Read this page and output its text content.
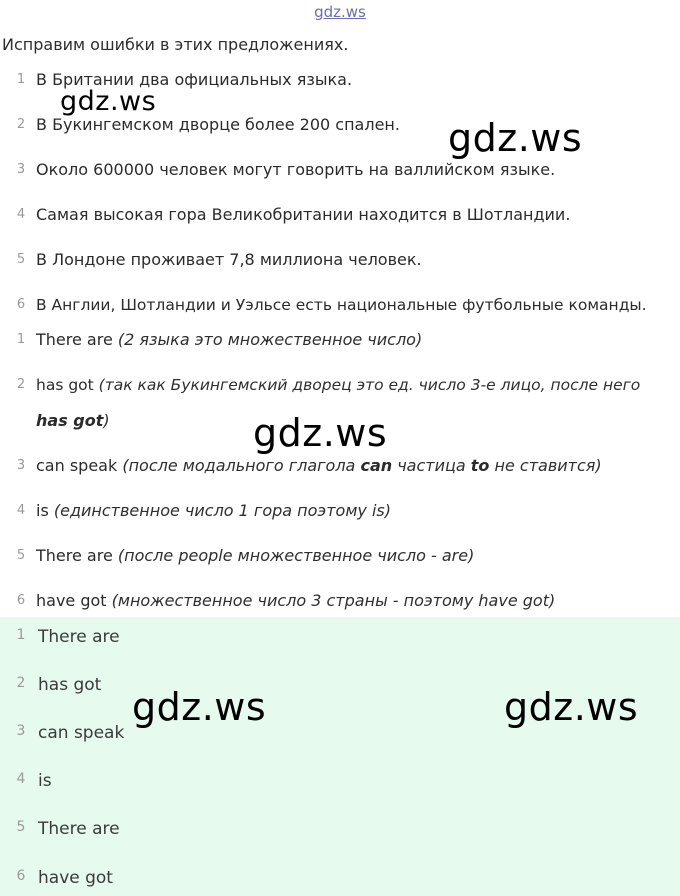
gdz.ws
Исправим ошибки в этих предложениях.
1 В Британии два официальных языка.
2 В Букингемском дворце более 200 спален.
3 Около 600000 человек могут говорить на валлийском языке.
4 Самая высокая гора Великобритании находится в Шотландии.
5 В Лондоне проживает 7,8 миллиона человек.
6 В Англии, Шотландии и Уэльсе есть национальные футбольные команды.
1 There are (2 языка это множественное число)
2 has got (так как Букингемский дворец это ед. число 3-е лицо, после него
has got)
3 can speak (после модального глагола can частица to не ставится)
4 is (единственное число 1 гора поэтому is)
5 There are (после people множественное число - are)
6 have got (множественное число 3 страны - поэтому have got)
1 There are
2 has got
3 can speak
4 is
5 There are
6 have got
gdz.ws
gdz.ws
gdz.ws
gdz.ws	gdz.ws
